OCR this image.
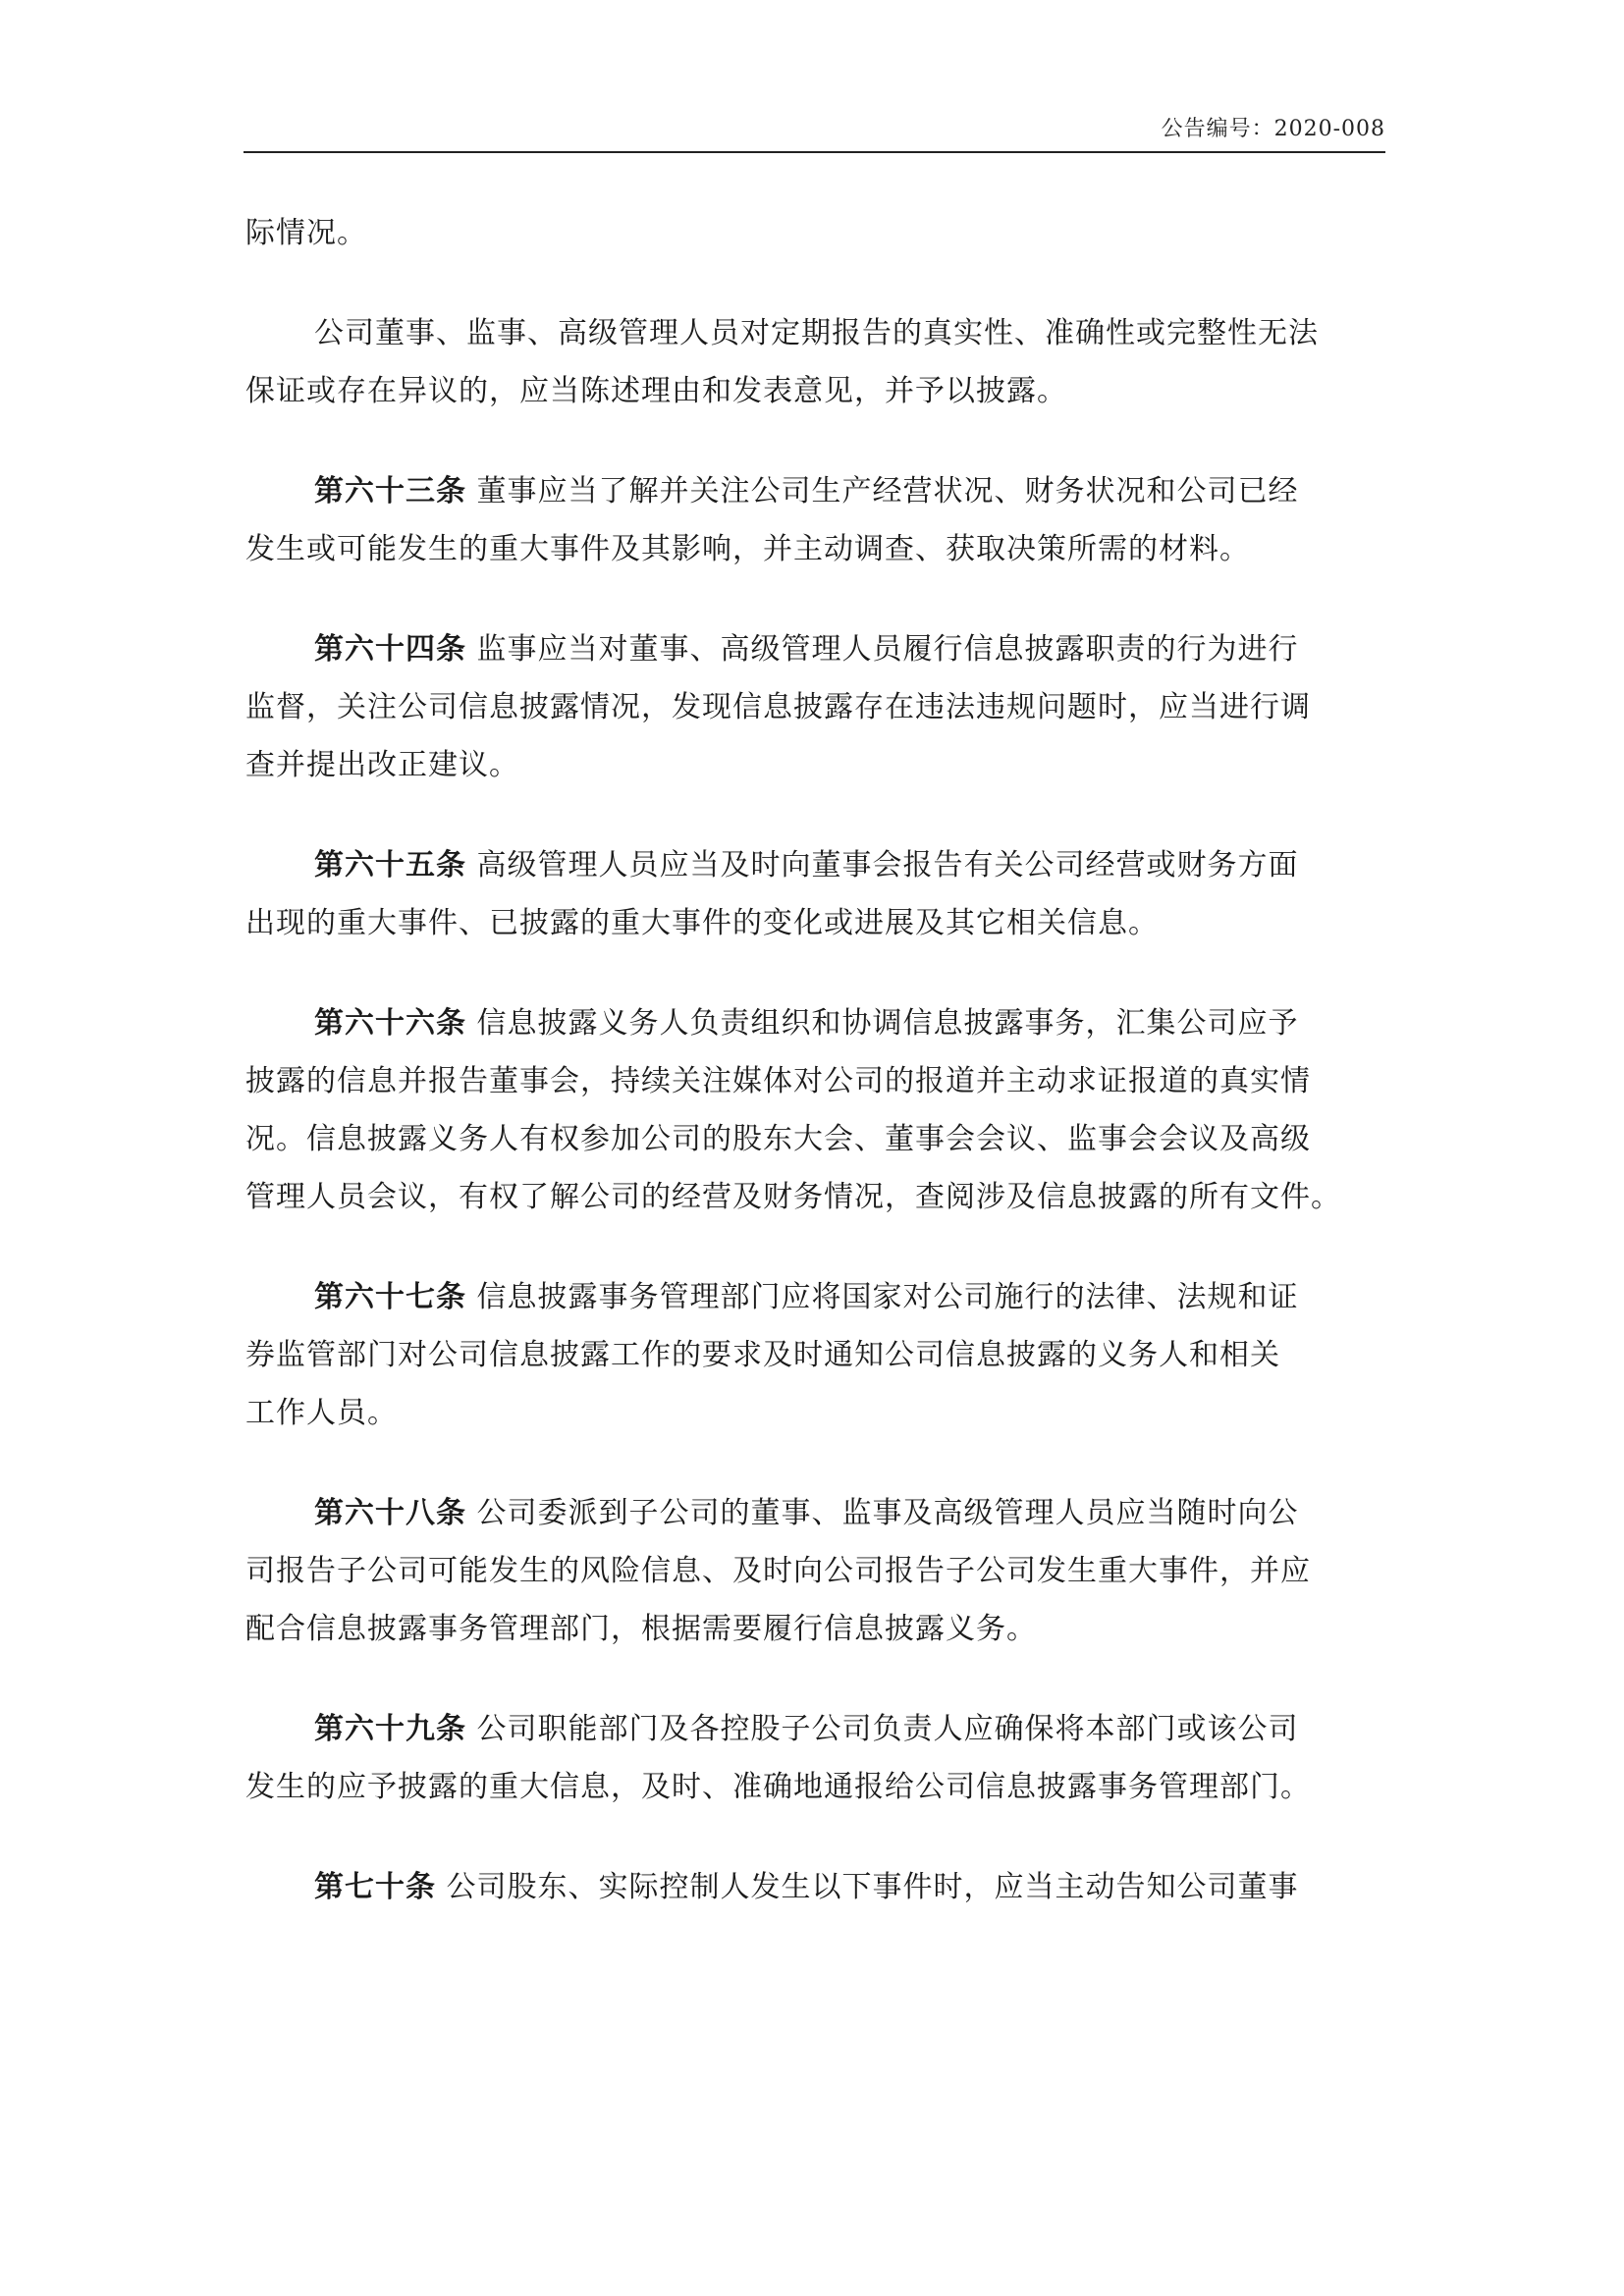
公告编号：2020-008

际情况。

公司董事、监事、高级管理人员对定期报告的真实性、准确性或完整性无法
保证或存在异议的，应当陈述理由和发表意见，并予以披露。

第六十三条 董事应当了解并关注公司生产经营状况、财务状况和公司已经
发生或可能发生的重大事件及其影响，并主动调查、获取决策所需的材料。

第六十四条 监事应当对董事、高级管理人员履行信息披露职责的行为进行
监督，关注公司信息披露情况，发现信息披露存在违法违规问题时，应当进行调
查并提出改正建议。

第六十五条 高级管理人员应当及时向董事会报告有关公司经营或财务方面
出现的重大事件、已披露的重大事件的变化或进展及其它相关信息。

第六十六条 信息披露义务人负责组织和协调信息披露事务，汇集公司应予
披露的信息并报告董事会，持续关注媒体对公司的报道并主动求证报道的真实情
况。信息披露义务人有权参加公司的股东大会、董事会会议、监事会会议及高级
管理人员会议，有权了解公司的经营及财务情况，查阅涉及信息披露的所有文件。

第六十七条 信息披露事务管理部门应将国家对公司施行的法律、法规和证
券监管部门对公司信息披露工作的要求及时通知公司信息披露的义务人和相关
工作人员。

第六十八条 公司委派到子公司的董事、监事及高级管理人员应当随时向公
司报告子公司可能发生的风险信息、及时向公司报告子公司发生重大事件，并应
配合信息披露事务管理部门，根据需要履行信息披露义务。

第六十九条 公司职能部门及各控股子公司负责人应确保将本部门或该公司
发生的应予披露的重大信息，及时、准确地通报给公司信息披露事务管理部门。

第七十条 公司股东、实际控制人发生以下事件时，应当主动告知公司董事
